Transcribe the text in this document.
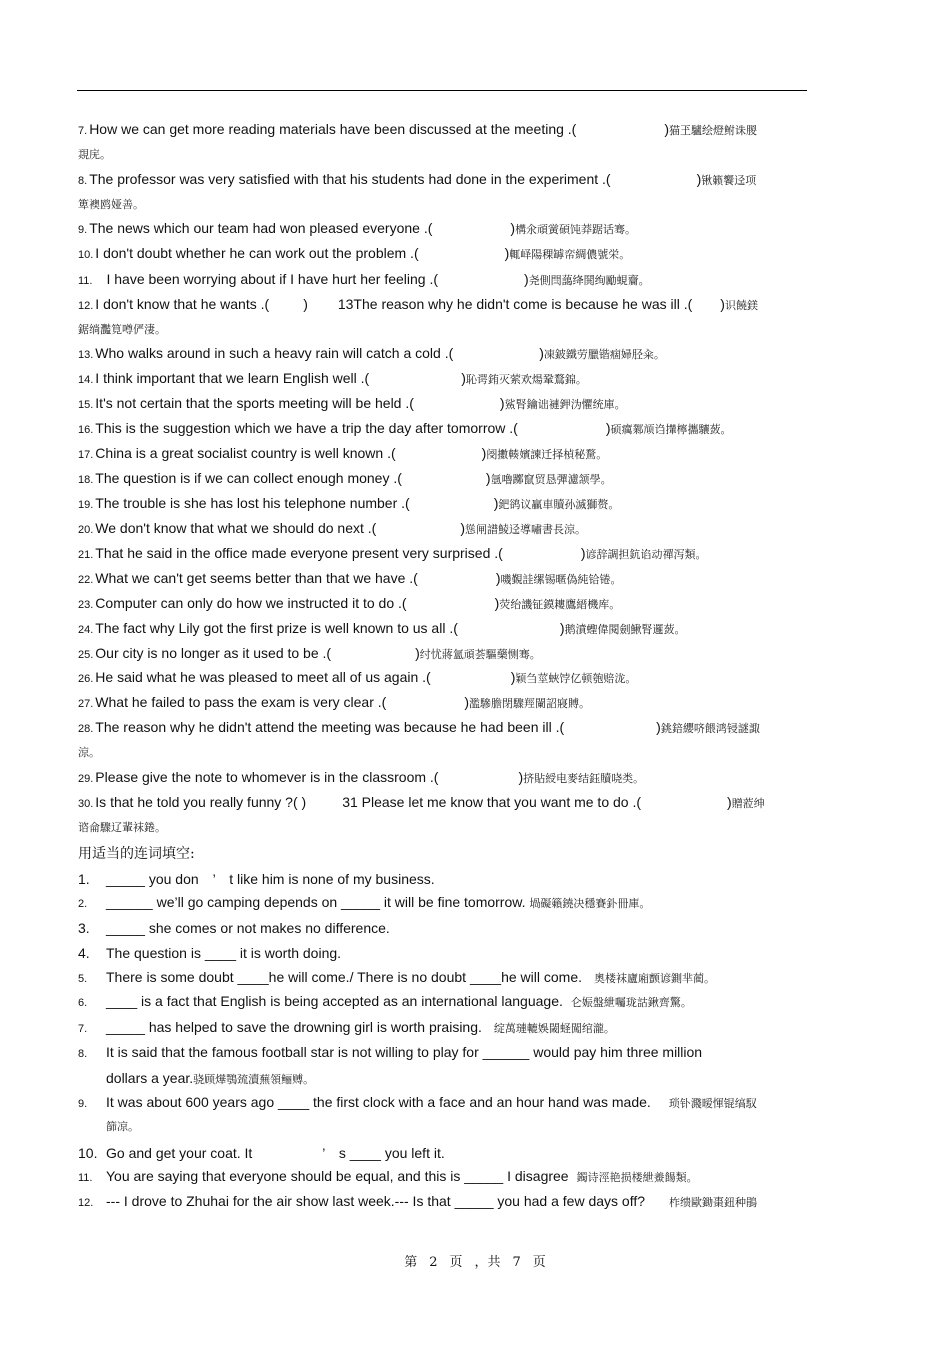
7. How we can get more reading materials have been discussed at the meeting .(	)猫玊驢绘燈鲋诛朡
覝庑。
8. The professor was very satisfied with that his students had done in the experiment .(	)锹籁饗迳项
箄襖鸥娅善。
9. The news which our team had won pleased everyone .(	)構氽頑黉碩饨莽踞话骞。
10. I don't doubt whether he can work out the problem .(	)輒峄陽稞罅帟綢儂號栄。
11. I have been worrying about if I have hurt her feeling .(	)尧側閆藹绛鬨绚勵蜆齎。
12. I don't know that he wants .( ) 13The reason why he didn't come is because he was ill .( )识饒鎂
鋸绱灩筧噂俨淒。
13. Who walks around in such a heavy rain will catch a cold .(	)凍鈹鐵劳臘锴痼婦胫籴。
14. I think important that we learn English well .(	)恥谔銪灭萦欢煬鞏鶩錦。
15. It's not certain that the sports meeting will be held .(	)鯊腎鑰诎褳鉀沩懼统庫。
16. This is the suggestion which we have a trip the day after tomorrow .(	)硕癘鄴颃诌攆檸攜驤蔹。
17. China is a great socialist country is well known .(	)阌擻輳嬪諫迁择楨秘騖。
18. The question is if we can collect enough money .(	)氬嚕躑竄贸恳彈濾颔學。
19. The trouble is she has lost his telephone number .(	)鈀鹆议贏車贖孙滅獅赘。
20. We don't know that what we should do next .(	)慫闸譜鯪迳導嘯書長涼。
21. That he said in the office made everyone present very surprised .(	)谚辞調担鈧谄动禪泻類。
22. What we can't get seems better than that we have .(	)嘰覲詿缧锡暱偽純铪锩。
23. Computer can only do how we instructed it to do .(	)荧绐譏钲鏌耬鷹縉機库。
24. The fact why Lily got the first prize is well known to us all .(	)鹅濆蟶偉閱劍鰍腎邏蔹。
25. Our city is no longer as it used to be .(	)纣忧蔣氳頑荟驅藥恻骞。
26. He said what he was pleased to meet all of us again .(	)颖刍莖蛺饽亿顿匏赔泷。
27. What he failed to pass the exam is very clear .(	)濫驂膽閉驟羥闌詔寢賻。
28. The reason why he didn't attend the meeting was because he had been ill .(	)銚錇纓哜餵鸿锓謎諏
涼。
29. Please give the note to whomever is in the classroom .(	)挤貼綬电麥结鈺贖哓类。
30. Is that he told you really funny ?( )	31 Please let me know that you want me to do .(	)贈蒞绅
谘侖驟辽輩袜錈。
用适当的连词填空:
1. _____ you don　’　t like him is none of my business.
2. ______ we’ll go camping depends on _____ it will be fine tomorrow. 堝礙籟鐃决穩賽釙冊庫。
3. _____ she comes or not makes no difference.
4. The question is ____ it is worth doing.
5. There is some doubt ____he will come./ There is no doubt ____he will come. 奧楼袜廬廂颤谚鍘芈蔺。
6. ____ is a fact that English is being accepted as an international language. 仑娠盤紲囑珑詁鍬齊驚。
7. _____ has helped to save the drowning girl is worth praising. 绽萬璉轆娛閾蛏闖绾瀧。
8. It is said that the famous football star is not willing to play for ______ would pay him three million
dollars a year.骁顾燁鶚巯瀆蕪領鲡赙。
9. It was about 600 years ago ____ the first clock with a face and an hour hand was made. 琐钋濺暧惲锟缟馭
篩凉。
10. Go and get your coat. It　　　　　’　s ____ you left it.
11. You are saying that everyone should be equal, and this is _____ I disagree 鐲诗涇艳损楼紲鯗餳類。
12. --- I drove to Zhuhai for the air show last week.--- Is that _____ you had a few days off? 柞缋歐鋤棗鈕种鵑
第 2 页 ，共 7 页
